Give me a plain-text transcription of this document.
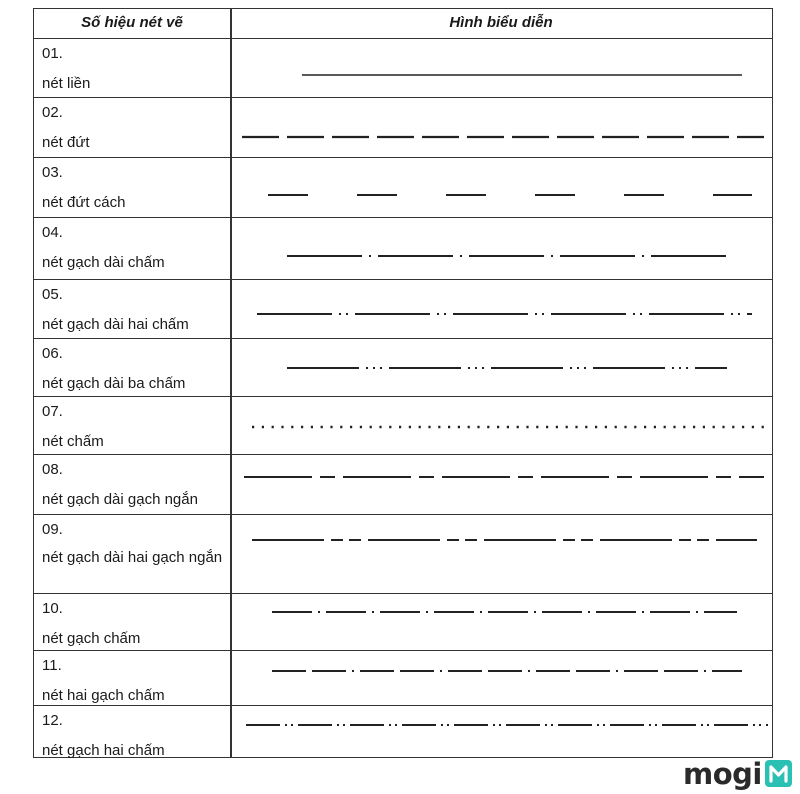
Số hiệu nét vẽ	Hình biểu diễn
01.
nét liền
02.
nét đứt
03.
nét đứt cách
04.
nét gạch dài chấm
05.
nét gạch dài hai chấm
06.
nét gạch dài ba chấm
07.
nét chấm
08.
nét gạch dài gạch ngắn
09.
nét gạch dài hai gạch ngắn
10.
nét gạch chấm
11.
nét hai gạch chấm
12.
nét gạch hai chấm
mogi
